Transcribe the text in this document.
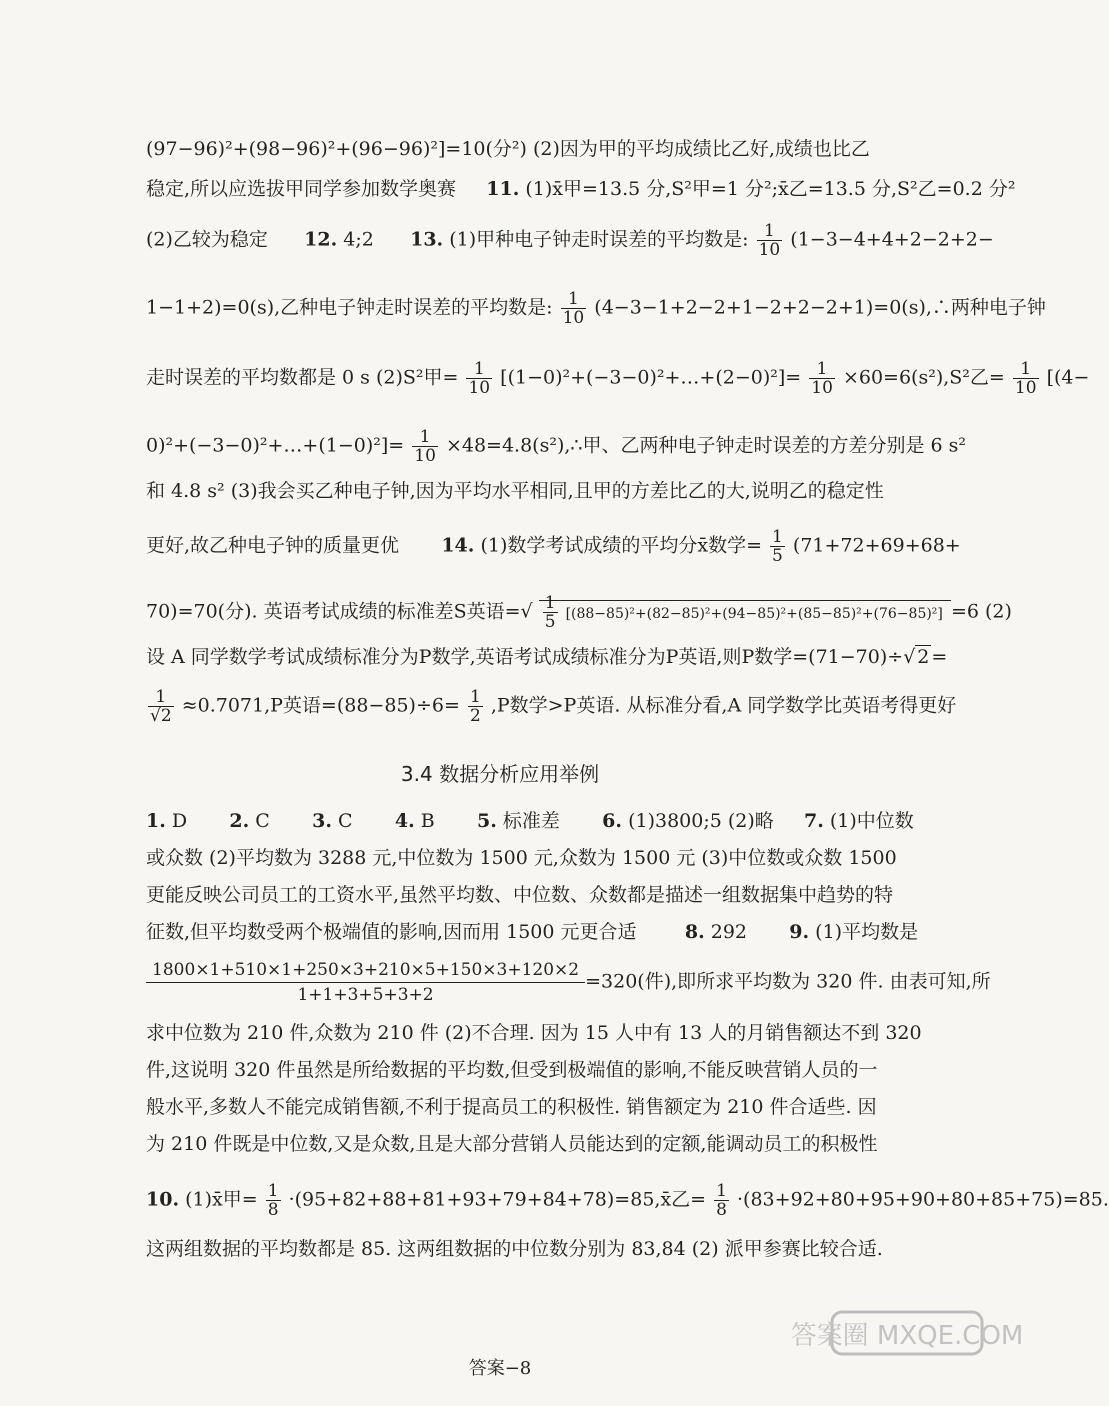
(97−96)²+(98−96)²+(96−96)²]=10(分²) (2)因为甲的平均成绩比乙好,成绩也比乙
稳定,所以应选拔甲同学参加数学奥赛 11. (1)x̄甲=13.5 分,S²甲=1 分²;x̄乙=13.5 分,S²乙=0.2 分²
(2)乙较为稳定 12. 4;2 13. (1)甲种电子钟走时误差的平均数是: $\frac{1}{10} (1-3-4+4+2-2+2-$
1−1+2)=0(s),乙种电子钟走时误差的平均数是: $\frac{1}{10}$ (4−3−1+2−2+1−2+2−2+1)=0(s),∴两种电子钟
走时误差的平均数都是 0 s (2)S²甲= $\frac{1}{10}$ [(1−0)²+(−3−0)²+…+(2−0)²]= $\frac{1}{10} \times 60=6(s^2),S^2$乙= $\frac{1}{10} [(4-$
0)²+(−3−0)²+…+(1−0)²]= $\frac{1}{10}$ ×48=4.8(s²),∴甲、乙两种电子钟走时误差的方差分别是 6 s²
和 4.8 s² (3)我会买乙种电子钟,因为平均水平相同,且甲的方差比乙的大,说明乙的稳定性
更好,故乙种电子钟的质量更优 14. (1)数学考试成绩的平均分x̄数学= $\frac{1}{5} (71+72+69+68+$
70)=70(分). 英语考试成绩的标准差S英语=√ $\frac{1}{5} [(88-85)^2+(82-85)^2+(94-85)^2+(85-85)^2+(76-85)^2] =6$ (2)
设 A 同学数学考试成绩标准分为P数学,英语考试成绩标准分为P英语,则P数学=(71−70)÷√ 2 =
$\frac{1}{√2} \approx 0.7071,P$英语$=(88-85)\div 6= \frac{1}{2} ,P$数学>P英语. 从标准分看,A 同学数学比英语考得更好
3.4 数据分析应用举例
1. D 2. C 3. C 4. B 5. 标准差 6. (1)3800;5 (2)略 7. (1)中位数
或众数 (2)平均数为 3288 元,中位数为 1500 元,众数为 1500 元 (3)中位数或众数 1500
更能反映公司员工的工资水平,虽然平均数、中位数、众数都是描述一组数据集中趋势的特
征数,但平均数受两个极端值的影响,因而用 1500 元更合适	8. 292 9. (1)平均数是
$\frac{1800\times 1+510\times 1+250\times 3+210\times 5+150\times 3+120\times 2}{1+1+3+5+3+2}=320$(件),即所求平均数为 320 件. 由表可知,所
求中位数为 210 件,众数为 210 件 (2)不合理. 因为 15 人中有 13 人的月销售额达不到 320
件,这说明 320 件虽然是所给数据的平均数,但受到极端值的影响,不能反映营销人员的一
般水平,多数人不能完成销售额,不利于提高员工的积极性. 销售额定为 210 件合适些. 因
为 210 件既是中位数,又是众数,且是大部分营销人员能达到的定额,能调动员工的积极性
10. (1)x̄甲= $\frac{1}{8}$ ·(95+82+88+81+93+79+84+78)=85,x̄乙= $\frac{1}{8} \cdot(83+92+80+95+90+80+85+75)=85$.
这两组数据的平均数都是 85. 这两组数据的中位数分别为 83,84 (2) 派甲参赛比较合适.
答案−8
答案圈 MXQE.COM
